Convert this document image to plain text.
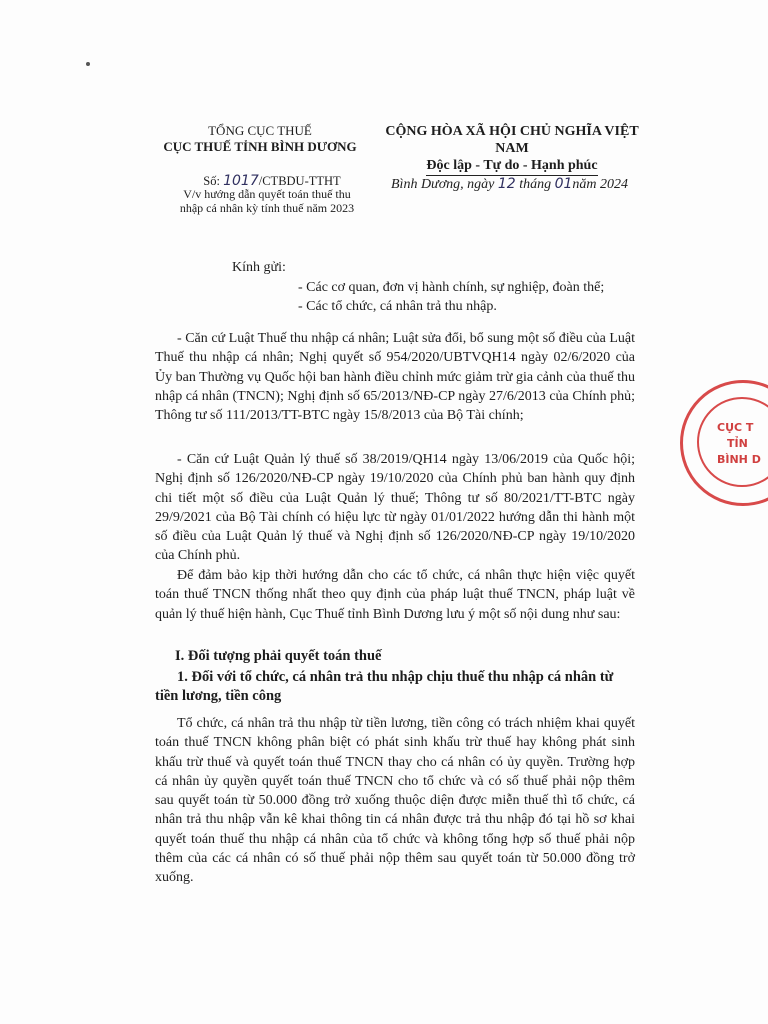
TỔNG CỤC THUẾ
CỤC THUẾ TỈNH BÌNH DƯƠNG
CỘNG HÒA XÃ HỘI CHỦ NGHĨA VIỆT NAM
Độc lập - Tự do - Hạnh phúc
Số: 1017/CTBDU-TTHT
V/v hướng dẫn quyết toán thuế thu nhập cá nhân kỳ tính thuế năm 2023
Bình Dương, ngày 12 tháng 01năm 2024
Kính gửi:
- Các cơ quan, đơn vị hành chính, sự nghiệp, đoàn thể;
- Các tổ chức, cá nhân trả thu nhập.
- Căn cứ Luật Thuế thu nhập cá nhân; Luật sửa đổi, bổ sung một số điều của Luật Thuế thu nhập cá nhân; Nghị quyết số 954/2020/UBTVQH14 ngày 02/6/2020 của Ủy ban Thường vụ Quốc hội ban hành điều chỉnh mức giảm trừ gia cảnh của thuế thu nhập cá nhân (TNCN); Nghị định số 65/2013/NĐ-CP ngày 27/6/2013 của Chính phủ; Thông tư số 111/2013/TT-BTC ngày 15/8/2013 của Bộ Tài chính;
- Căn cứ Luật Quản lý thuế số 38/2019/QH14 ngày 13/06/2019 của Quốc hội; Nghị định số 126/2020/NĐ-CP ngày 19/10/2020 của Chính phủ ban hành quy định chi tiết một số điều của Luật Quản lý thuế; Thông tư số 80/2021/TT-BTC ngày 29/9/2021 của Bộ Tài chính có hiệu lực từ ngày 01/01/2022 hướng dẫn thi hành một số điều của Luật Quản lý thuế và Nghị định số 126/2020/NĐ-CP ngày 19/10/2020 của Chính phủ.
Để đảm bảo kịp thời hướng dẫn cho các tổ chức, cá nhân thực hiện việc quyết toán thuế TNCN thống nhất theo quy định của pháp luật thuế TNCN, pháp luật về quản lý thuế hiện hành, Cục Thuế tỉnh Bình Dương lưu ý một số nội dung như sau:
I. Đối tượng phải quyết toán thuế
1. Đối với tổ chức, cá nhân trả thu nhập chịu thuế thu nhập cá nhân từ tiền lương, tiền công
Tổ chức, cá nhân trả thu nhập từ tiền lương, tiền công có trách nhiệm khai quyết toán thuế TNCN không phân biệt có phát sinh khấu trừ thuế hay không phát sinh khấu trừ thuế và quyết toán thuế TNCN thay cho cá nhân có ủy quyền. Trường hợp cá nhân ủy quyền quyết toán thuế TNCN cho tổ chức và có số thuế phải nộp thêm sau quyết toán từ 50.000 đồng trở xuống thuộc diện được miễn thuế thì tổ chức, cá nhân trả thu nhập vẫn kê khai thông tin cá nhân được trả thu nhập đó tại hồ sơ khai quyết toán thuế thu nhập cá nhân của tổ chức và không tổng hợp số thuế phải nộp thêm của các cá nhân có số thuế phải nộp thêm sau quyết toán từ 50.000 đồng trở xuống.
CỤC T
TỈN
BÌNH D
